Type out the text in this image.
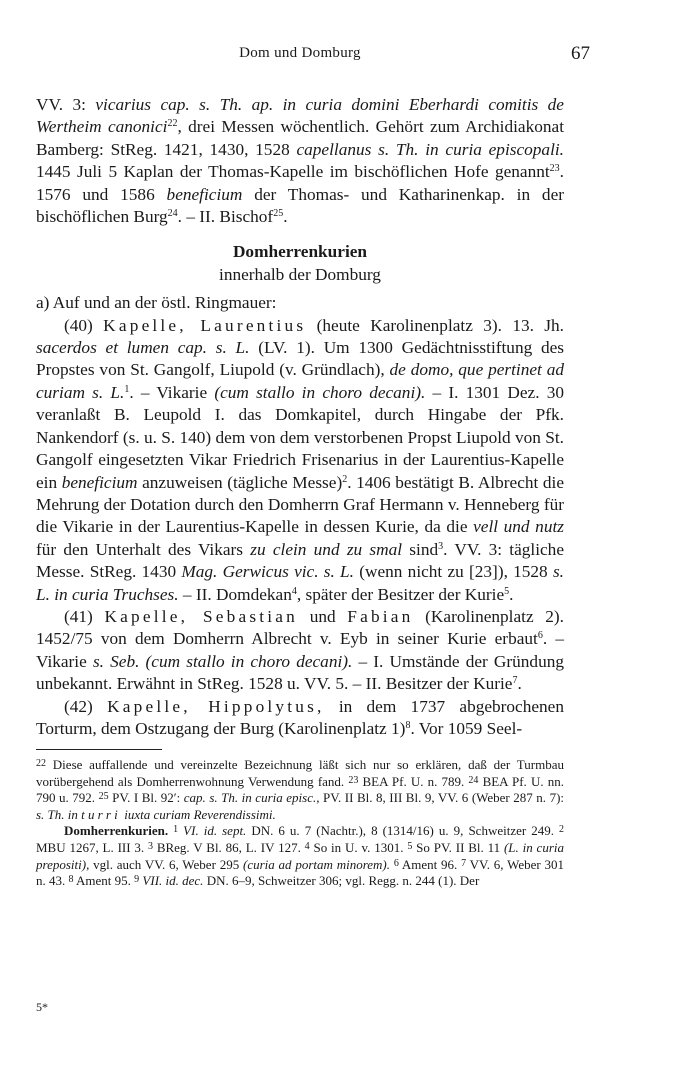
Dom und Domburg	67

VV. 3: vicarius cap. s. Th. ap. in curia domini Eberhardi comitis de Wertheim canonici$^{22}$, drei Messen wöchentlich. Gehört zum Archidiakonat Bamberg: StReg. 1421, 1430, 1528 capellanus s. Th. in curia episcopali. 1445 Juli 5 Kaplan der Thomas-Kapelle im bischöflichen Hofe genannt$^{23}$. 1576 und 1586 beneficium der Thomas- und Katharinenkap. in der bischöflichen Burg$^{24}$. – II. Bischof$^{25}$.

Domherrenkurien

innerhalb der Domburg

a) Auf und an der östl. Ringmauer:

(40) Kapelle, Laurentius (heute Karolinenplatz 3). 13. Jh. sacerdos et lumen cap. s. L. (LV. 1). Um 1300 Gedächtnisstiftung des Propstes von St. Gangolf, Liupold (v. Gründlach), de domo, que pertinet ad curiam s. L.$^1$. – Vikarie (cum stallo in choro decani). – I. 1301 Dez. 30 veranlaßt B. Leupold I. das Domkapitel, durch Hingabe der Pfk. Nankendorf (s. u. S. 140) dem von dem verstorbenen Propst Liupold von St. Gangolf eingesetzten Vikar Friedrich Frisenarius in der Laurentius-Kapelle ein beneficium anzuweisen (tägliche Messe)$^2$. 1406 bestätigt B. Albrecht die Mehrung der Dotation durch den Domherrn Graf Hermann v. Henneberg für die Vikarie in der Laurentius-Kapelle in dessen Kurie, da die vell und nutz für den Unterhalt des Vikars zu clein und zu smal sind$^3$. VV. 3: tägliche Messe. StReg. 1430 Mag. Gerwicus vic. s. L. (wenn nicht zu [23]), 1528 s. L. in curia Truchses. – II. Domdekan$^4$, später der Besitzer der Kurie$^5$.

(41) Kapelle, Sebastian und Fabian (Karolinenplatz 2). 1452/75 von dem Domherrn Albrecht v. Eyb in seiner Kurie erbaut$^6$. – Vikarie s. Seb. (cum stallo in choro decani). – I. Umstände der Gründung unbekannt. Erwähnt in StReg. 1528 u. VV. 5. – II. Besitzer der Kurie$^7$.

(42) Kapelle, Hippolytus, in dem 1737 abgebrochenen Torturm, dem Ostzugang der Burg (Karolinenplatz 1)$^8$. Vor 1059 Seel-

$^{22}$ Diese auffallende und vereinzelte Bezeichnung läßt sich nur so erklären, daß der Turmbau vorübergehend als Domherrenwohnung Verwendung fand. $^{23}$ BEA Pf. U. n. 789. $^{24}$ BEA Pf. U. nn. 790 u. 792. $^{25}$ PV. I Bl. 92′: cap. s. Th. in curia episc., PV. II Bl. 8, III Bl. 9, VV. 6 (Weber 287 n. 7): s. Th. in turri iuxta curiam Reverendissimi.

Domherrenkurien. $^1$ VI. id. sept. DN. 6 u. 7 (Nachtr.), 8 (1314/16) u. 9, Schweitzer 249. $^2$ MBU 1267, L. III 3. $^3$ BReg. V Bl. 86, L. IV 127. $^4$ So in U. v. 1301. $^5$ So PV. II Bl. 11 (L. in curia prepositi), vgl. auch VV. 6, Weber 295 (curia ad portam minorem). $^6$ Ament 96. $^7$ VV. 6, Weber 301 n. 43. $^8$ Ament 95. $^9$ VII. id. dec. DN. 6–9, Schweitzer 306; vgl. Regg. n. 244 (1). Der

5*
